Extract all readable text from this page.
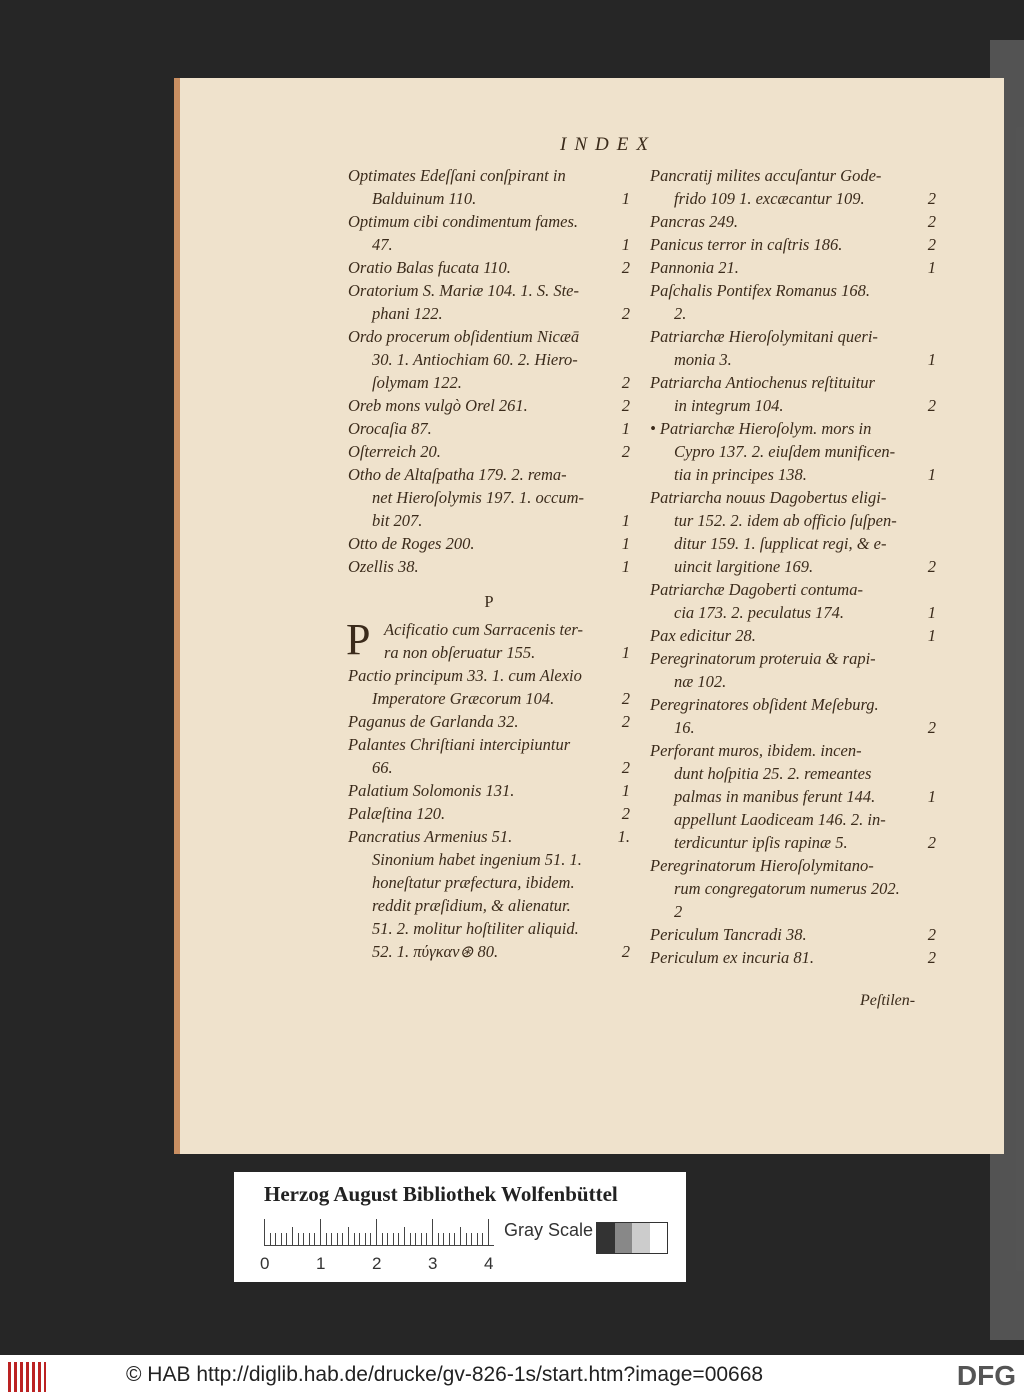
INDEX
Optimates Edeſſani conſpirant in
Balduinum 110.	1
Optimum cibi condimentum fames.
47.	1
Oratio Balas fucata 110.	2
Oratorium S. Mariæ 104. 1. S. Ste-
phani 122.	2
Ordo procerum obſidentium Nicæā
30. 1. Antiochiam 60. 2. Hiero-
ſolymam 122.	2
Oreb mons vulgò Orel 261.	2
Orocaſia 87.	1
Oſterreich 20.	2
Otho de Altaſpatha 179. 2. rema-
net Hieroſolymis 197. 1. occum-
bit 207.	1
Otto de Roges 200.	1
Ozellis 38.	1
P
P Acificatio cum Sarracenis ter-
ra non obſeruatur 155.	1
Pactio principum 33. 1. cum Alexio
Imperatore Græcorum 104.	2
Paganus de Garlanda 32.	2
Palantes Chriſtiani intercipiuntur
66.	2
Palatium Solomonis 131.	1
Palæſtina 120.	2
Pancratius Armenius 51.	1.
Sinonium habet ingenium 51. 1.
honeſtatur præfectura, ibidem.
reddit præſidium, & alienatur.
51. 2. molitur hoſtiliter aliquid.
52. 1. πύγκαν⊛ 80.	2
Pancratij milites accuſantur Gode-
frido 109 1. excæcantur 109.	2
Pancras 249.	2
Panicus terror in caſtris 186.	2
Pannonia 21.	1
Paſchalis Pontifex Romanus 168.
2.
Patriarchæ Hieroſolymitani queri-
monia 3.	1
Patriarcha Antiochenus reſtituitur
in integrum 104.	2
• Patriarchæ Hieroſolym. mors in
Cypro 137. 2. eiuſdem munificen-
tia in principes 138.	1
Patriarcha nouus Dagobertus eligi-
tur 152. 2. idem ab officio ſuſpen-
ditur 159. 1. ſupplicat regi, & e-
uincit largitione 169.	2
Patriarchæ Dagoberti contuma-
cia 173. 2. peculatus 174.	1
Pax edicitur 28.	1
Peregrinatorum proteruia & rapi-
næ 102.
Peregrinatores obſident Meſeburg.
16.	2
Perforant muros, ibidem. incen-
dunt hoſpitia 25. 2. remeantes
palmas in manibus ferunt 144.	1
appellunt Laodiceam 146. 2. in-
terdicuntur ipſis rapinæ 5.	2
Peregrinatorum Hieroſolymitano-
rum congregatorum numerus 202.
2
Periculum Tancradi 38.	2
Periculum ex incuria 81.	2
Peſtilen-
Herzog August Bibliothek Wolfenbüttel
0	1	2	3	4
Gray Scale
© HAB http://diglib.hab.de/drucke/gv-826-1s/start.htm?image=00668	DFG
